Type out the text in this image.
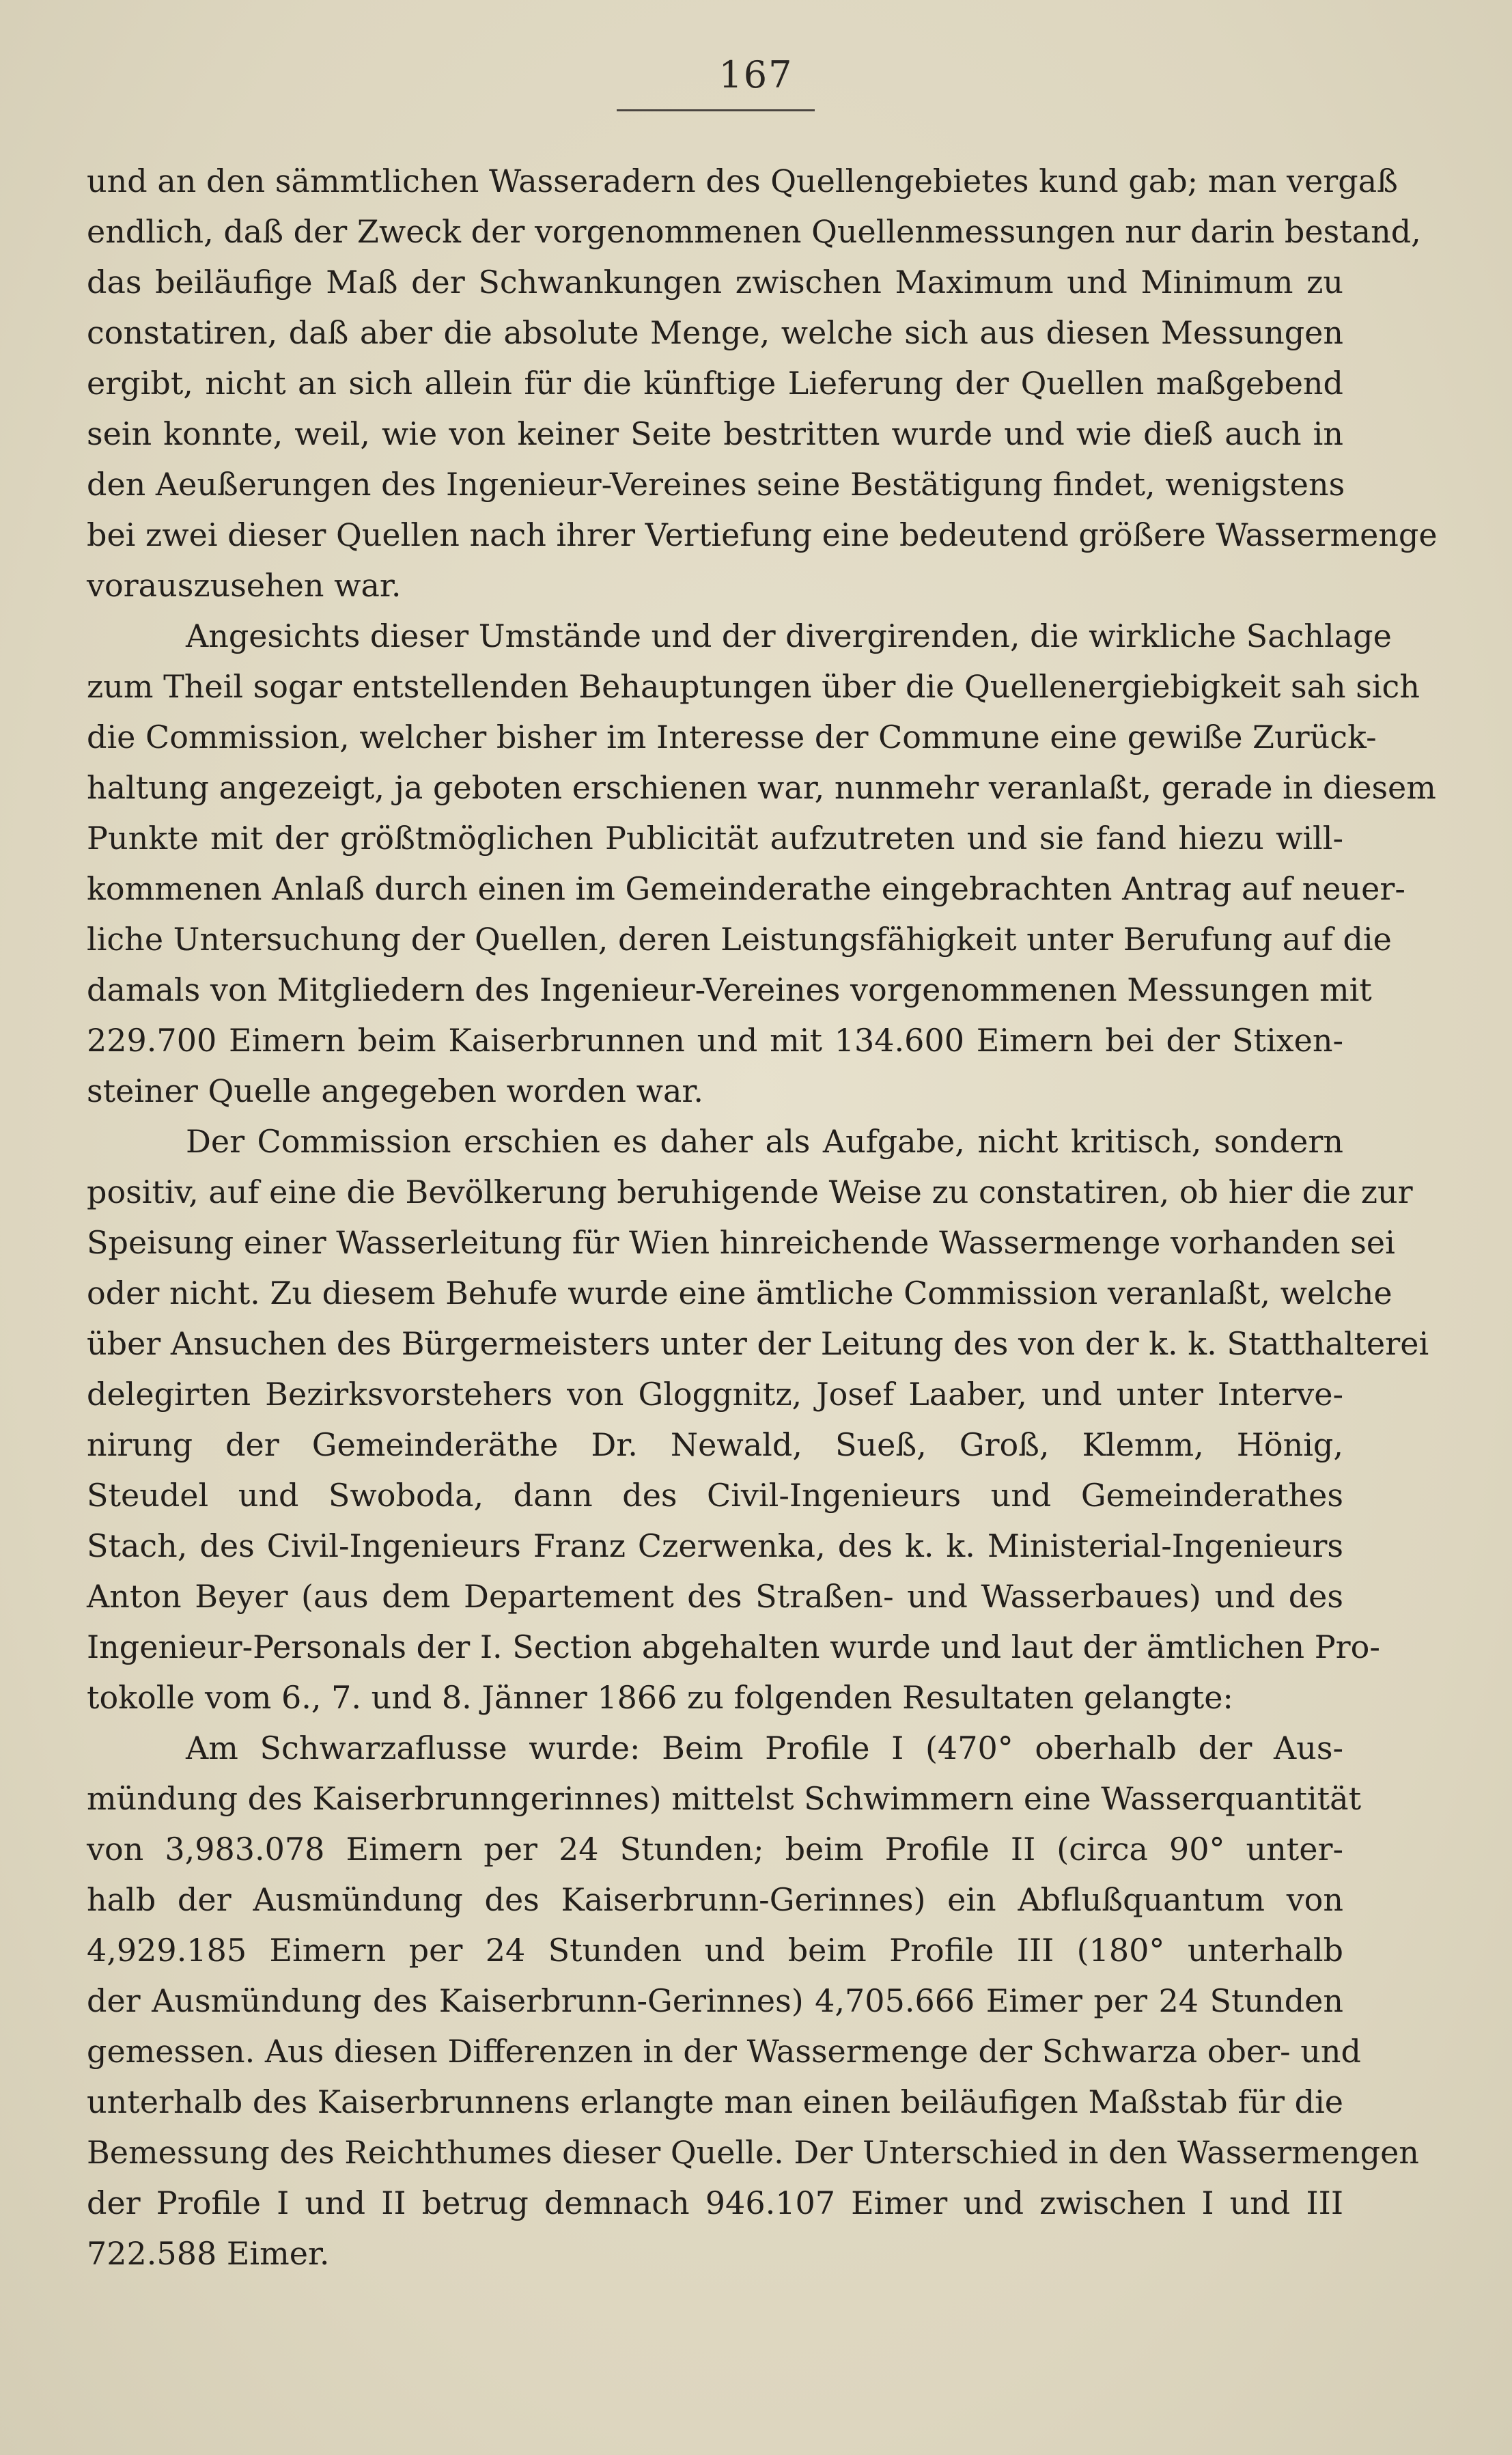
167
und an den sämmtlichen Wasseradern des Quellengebietes kund gab; man vergaß
endlich, daß der Zweck der vorgenommenen Quellenmessungen nur darin bestand,
das beiläufige Maß der Schwankungen zwischen Maximum und Minimum zu
constatiren, daß aber die absolute Menge, welche sich aus diesen Messungen
ergibt, nicht an sich allein für die künftige Lieferung der Quellen maßgebend
sein konnte, weil, wie von keiner Seite bestritten wurde und wie dieß auch in
den Aeußerungen des Ingenieur-Vereines seine Bestätigung findet, wenigstens
bei zwei dieser Quellen nach ihrer Vertiefung eine bedeutend größere Wassermenge
vorauszusehen war.
Angesichts dieser Umstände und der divergirenden, die wirkliche Sachlage
zum Theil sogar entstellenden Behauptungen über die Quellenergiebigkeit sah sich
die Commission, welcher bisher im Interesse der Commune eine gewiße Zurück-
haltung angezeigt, ja geboten erschienen war, nunmehr veranlaßt, gerade in diesem
Punkte mit der größtmöglichen Publicität aufzutreten und sie fand hiezu will-
kommenen Anlaß durch einen im Gemeinderathe eingebrachten Antrag auf neuer-
liche Untersuchung der Quellen, deren Leistungsfähigkeit unter Berufung auf die
damals von Mitgliedern des Ingenieur-Vereines vorgenommenen Messungen mit
229.700 Eimern beim Kaiserbrunnen und mit 134.600 Eimern bei der Stixen-
steiner Quelle angegeben worden war.
Der Commission erschien es daher als Aufgabe, nicht kritisch, sondern
positiv, auf eine die Bevölkerung beruhigende Weise zu constatiren, ob hier die zur
Speisung einer Wasserleitung für Wien hinreichende Wassermenge vorhanden sei
oder nicht. Zu diesem Behufe wurde eine ämtliche Commission veranlaßt, welche
über Ansuchen des Bürgermeisters unter der Leitung des von der k. k. Statthalterei
delegirten Bezirksvorstehers von Gloggnitz, Josef Laaber, und unter Interve-
nirung der Gemeinderäthe Dr. Newald, Sueß, Groß, Klemm, Hönig,
Steudel und Swoboda, dann des Civil-Ingenieurs und Gemeinderathes
Stach, des Civil-Ingenieurs Franz Czerwenka, des k. k. Ministerial-Ingenieurs
Anton Beyer (aus dem Departement des Straßen- und Wasserbaues) und des
Ingenieur-Personals der I. Section abgehalten wurde und laut der ämtlichen Pro-
tokolle vom 6., 7. und 8. Jänner 1866 zu folgenden Resultaten gelangte:
Am Schwarzaflusse wurde: Beim Profile I (470° oberhalb der Aus-
mündung des Kaiserbrunngerinnes) mittelst Schwimmern eine Wasserquantität
von 3,983.078 Eimern per 24 Stunden; beim Profile II (circa 90° unter-
halb der Ausmündung des Kaiserbrunn-Gerinnes) ein Abflußquantum von
4,929.185 Eimern per 24 Stunden und beim Profile III (180° unterhalb
der Ausmündung des Kaiserbrunn-Gerinnes) 4,705.666 Eimer per 24 Stunden
gemessen. Aus diesen Differenzen in der Wassermenge der Schwarza ober- und
unterhalb des Kaiserbrunnens erlangte man einen beiläufigen Maßstab für die
Bemessung des Reichthumes dieser Quelle. Der Unterschied in den Wassermengen
der Profile I und II betrug demnach 946.107 Eimer und zwischen I und III
722.588 Eimer.
